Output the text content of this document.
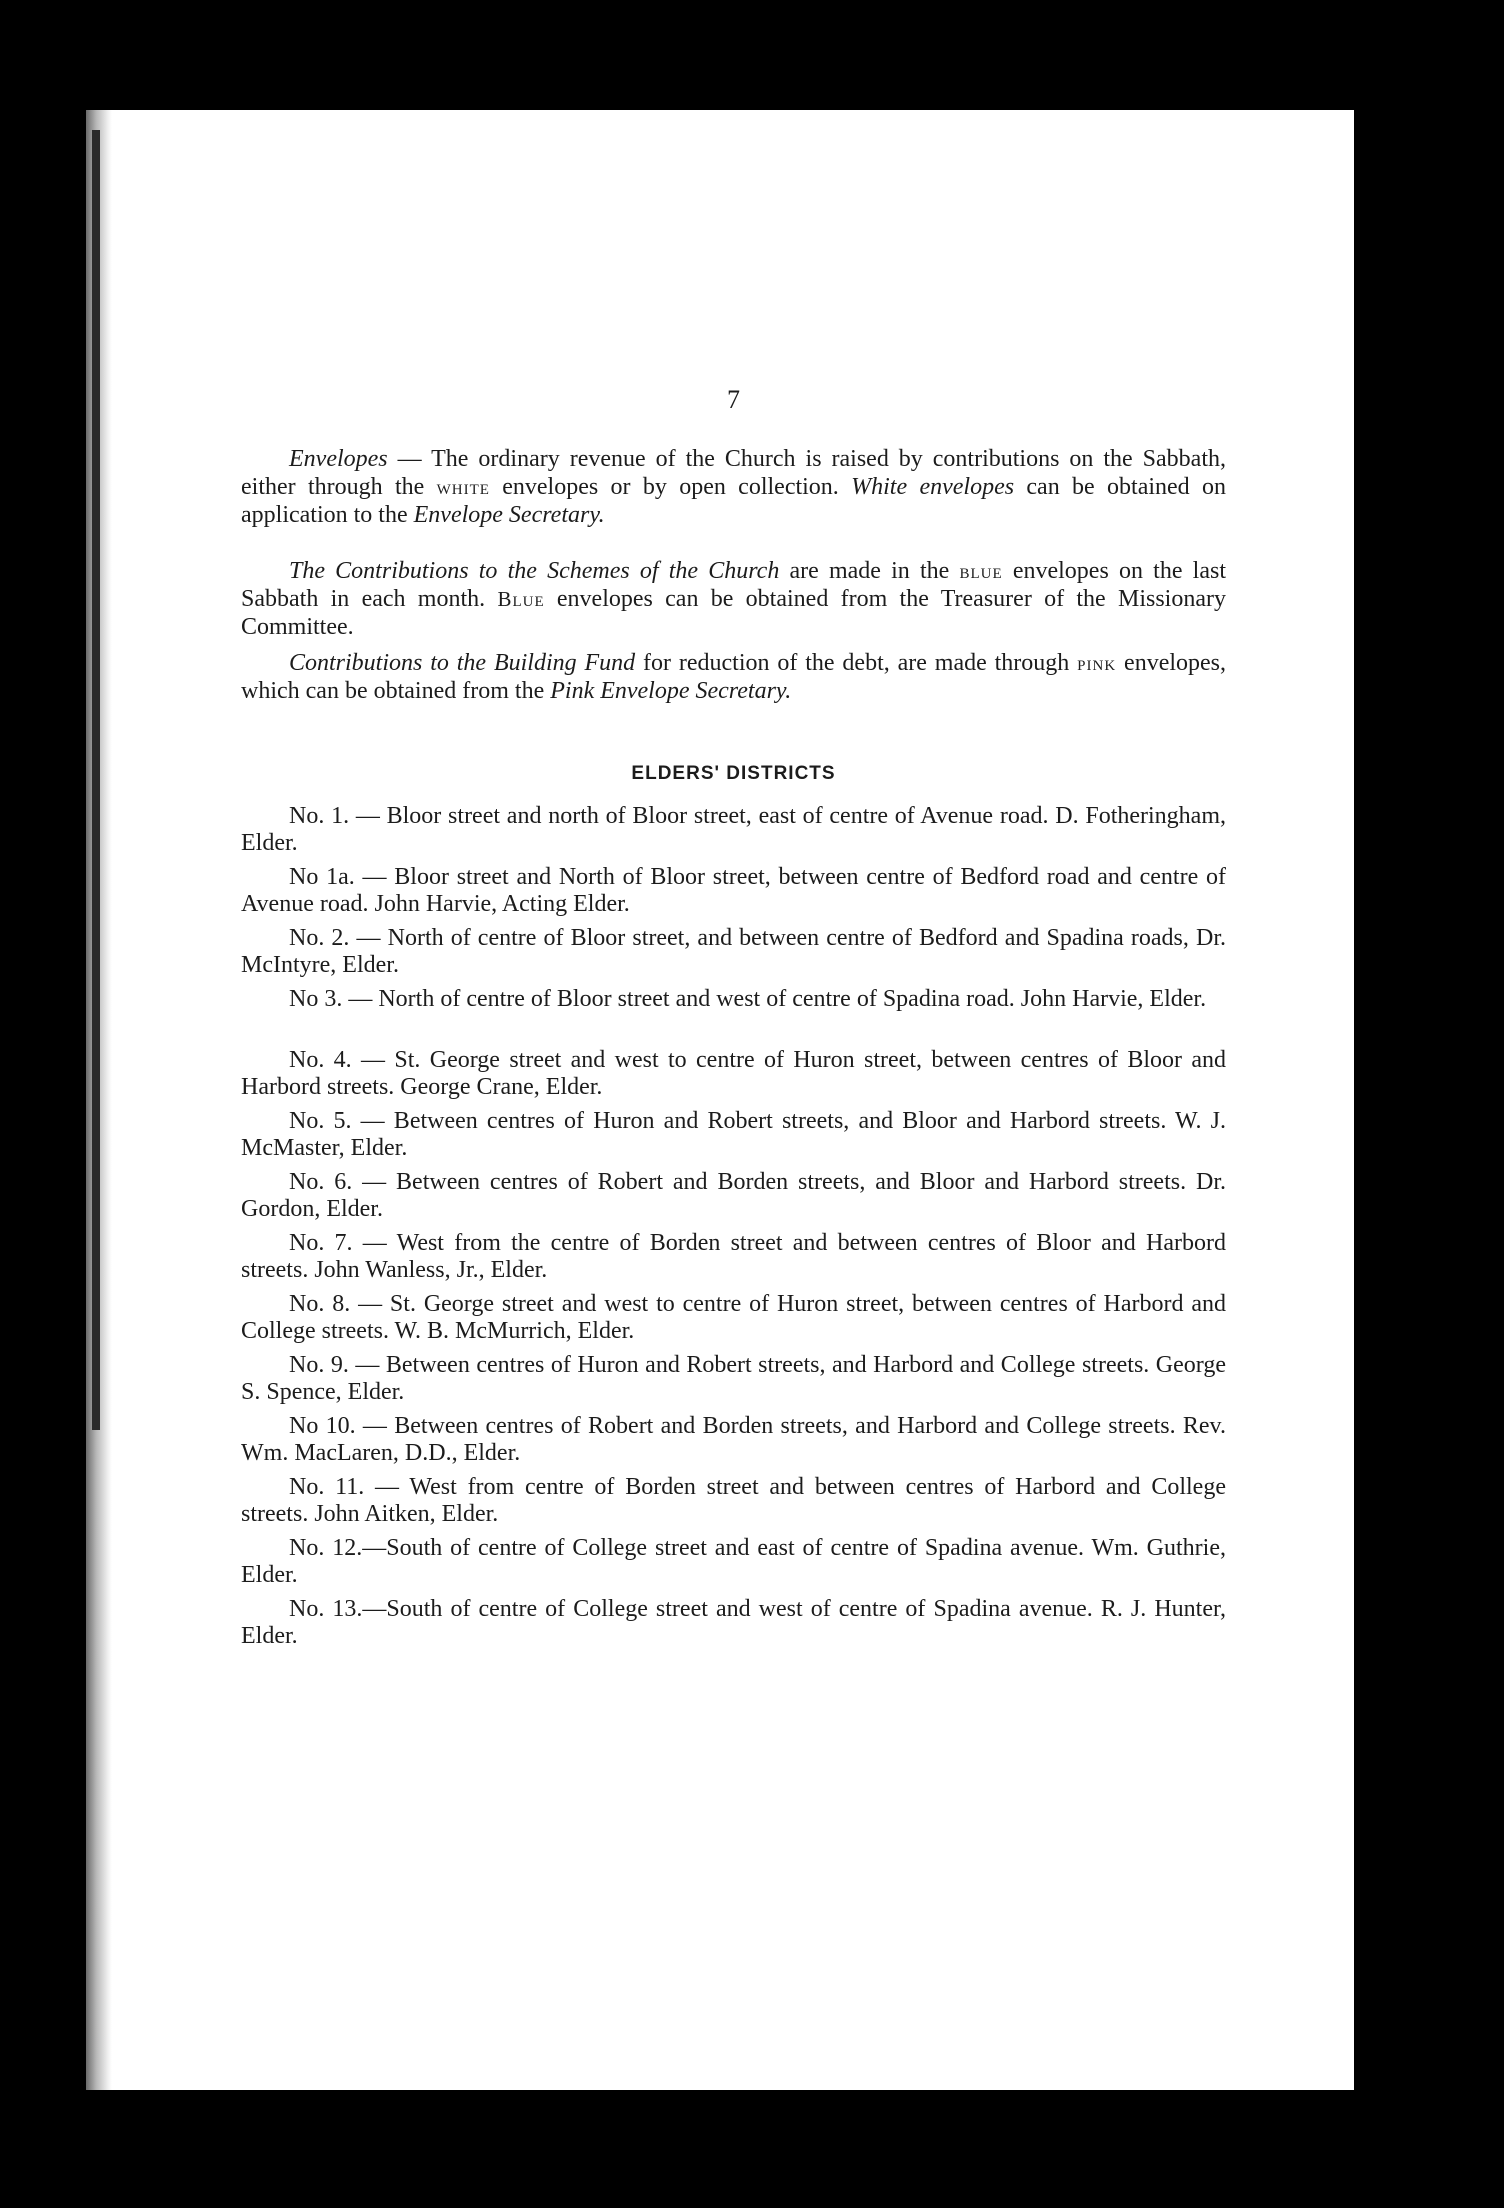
7

Envelopes — The ordinary revenue of the Church is raised by contributions on the Sabbath, either through the white envelopes or by open collection. White envelopes can be obtained on application to the Envelope Secretary.

The Contributions to the Schemes of the Church are made in the blue envelopes on the last Sabbath in each month. Blue envelopes can be obtained from the Treasurer of the Missionary Committee.

Contributions to the Building Fund for reduction of the debt, are made through pink envelopes, which can be obtained from the Pink Envelope Secretary.

ELDERS' DISTRICTS

No. 1. — Bloor street and north of Bloor street, east of centre of Avenue road. D. Fotheringham, Elder.

No 1a. — Bloor street and North of Bloor street, between centre of Bedford road and centre of Avenue road. John Harvie, Acting Elder.

No. 2. — North of centre of Bloor street, and between centre of Bedford and Spadina roads, Dr. McIntyre, Elder.

No 3. — North of centre of Bloor street and west of centre of Spadina road. John Harvie, Elder.

No. 4. — St. George street and west to centre of Huron street, between centres of Bloor and Harbord streets. George Crane, Elder.

No. 5. — Between centres of Huron and Robert streets, and Bloor and Harbord streets. W. J. McMaster, Elder.

No. 6. — Between centres of Robert and Borden streets, and Bloor and Harbord streets. Dr. Gordon, Elder.

No. 7. — West from the centre of Borden street and between centres of Bloor and Harbord streets. John Wanless, Jr., Elder.

No. 8. — St. George street and west to centre of Huron street, between centres of Harbord and College streets. W. B. McMurrich, Elder.

No. 9. — Between centres of Huron and Robert streets, and Harbord and College streets. George S. Spence, Elder.

No 10. — Between centres of Robert and Borden streets, and Harbord and College streets. Rev. Wm. MacLaren, D.D., Elder.

No. 11. — West from centre of Borden street and between centres of Harbord and College streets. John Aitken, Elder.

No. 12.—South of centre of College street and east of centre of Spadina avenue. Wm. Guthrie, Elder.

No. 13.—South of centre of College street and west of centre of Spadina avenue. R. J. Hunter, Elder.
